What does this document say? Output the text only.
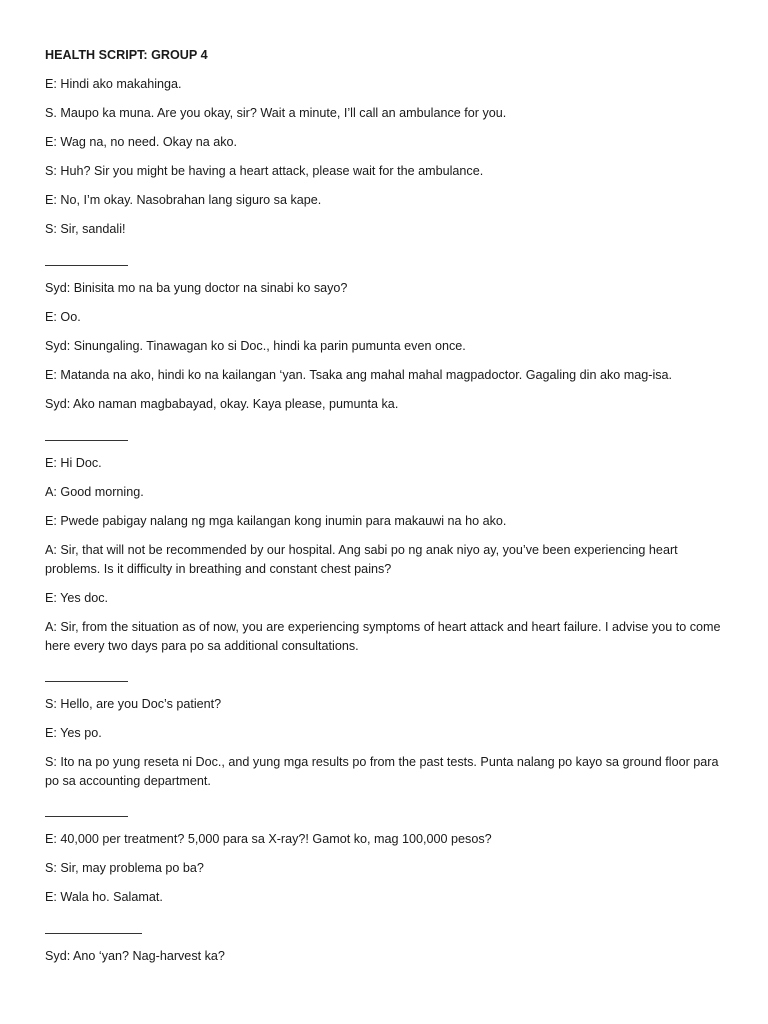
HEALTH SCRIPT: GROUP 4
E: Hindi ako makahinga.
S. Maupo ka muna. Are you okay, sir? Wait a minute, I’ll call an ambulance for you.
E: Wag na, no need. Okay na ako.
S: Huh? Sir you might be having a heart attack, please wait for the ambulance.
E: No, I’m okay. Nasobrahan lang siguro sa kape.
S: Sir, sandali!
Syd: Binisita mo na ba yung doctor na sinabi ko sayo?
E: Oo.
Syd: Sinungaling. Tinawagan ko si Doc., hindi ka parin pumunta even once.
E: Matanda na ako, hindi ko na kailangan ‘yan. Tsaka ang mahal mahal magpadoctor. Gagaling din ako mag-isa.
Syd: Ako naman magbabayad, okay. Kaya please, pumunta ka.
E: Hi Doc.
A: Good morning.
E: Pwede pabigay nalang ng mga kailangan kong inumin para makauwi na ho ako.
A: Sir, that will not be recommended by our hospital. Ang sabi po ng anak niyo ay, you’ve been experiencing heart problems. Is it difficulty in breathing and constant chest pains?
E: Yes doc.
A: Sir, from the situation as of now, you are experiencing symptoms of heart attack and heart failure. I advise you to come here every two days para po sa additional consultations.
S: Hello, are you Doc’s patient?
E: Yes po.
S: Ito na po yung reseta ni Doc., and yung mga results po from the past tests. Punta nalang po kayo sa ground floor para po sa accounting department.
E: 40,000 per treatment? 5,000 para sa X-ray?! Gamot ko, mag 100,000 pesos?
S: Sir, may problema po ba?
E: Wala ho. Salamat.
Syd: Ano ‘yan? Nag-harvest ka?
